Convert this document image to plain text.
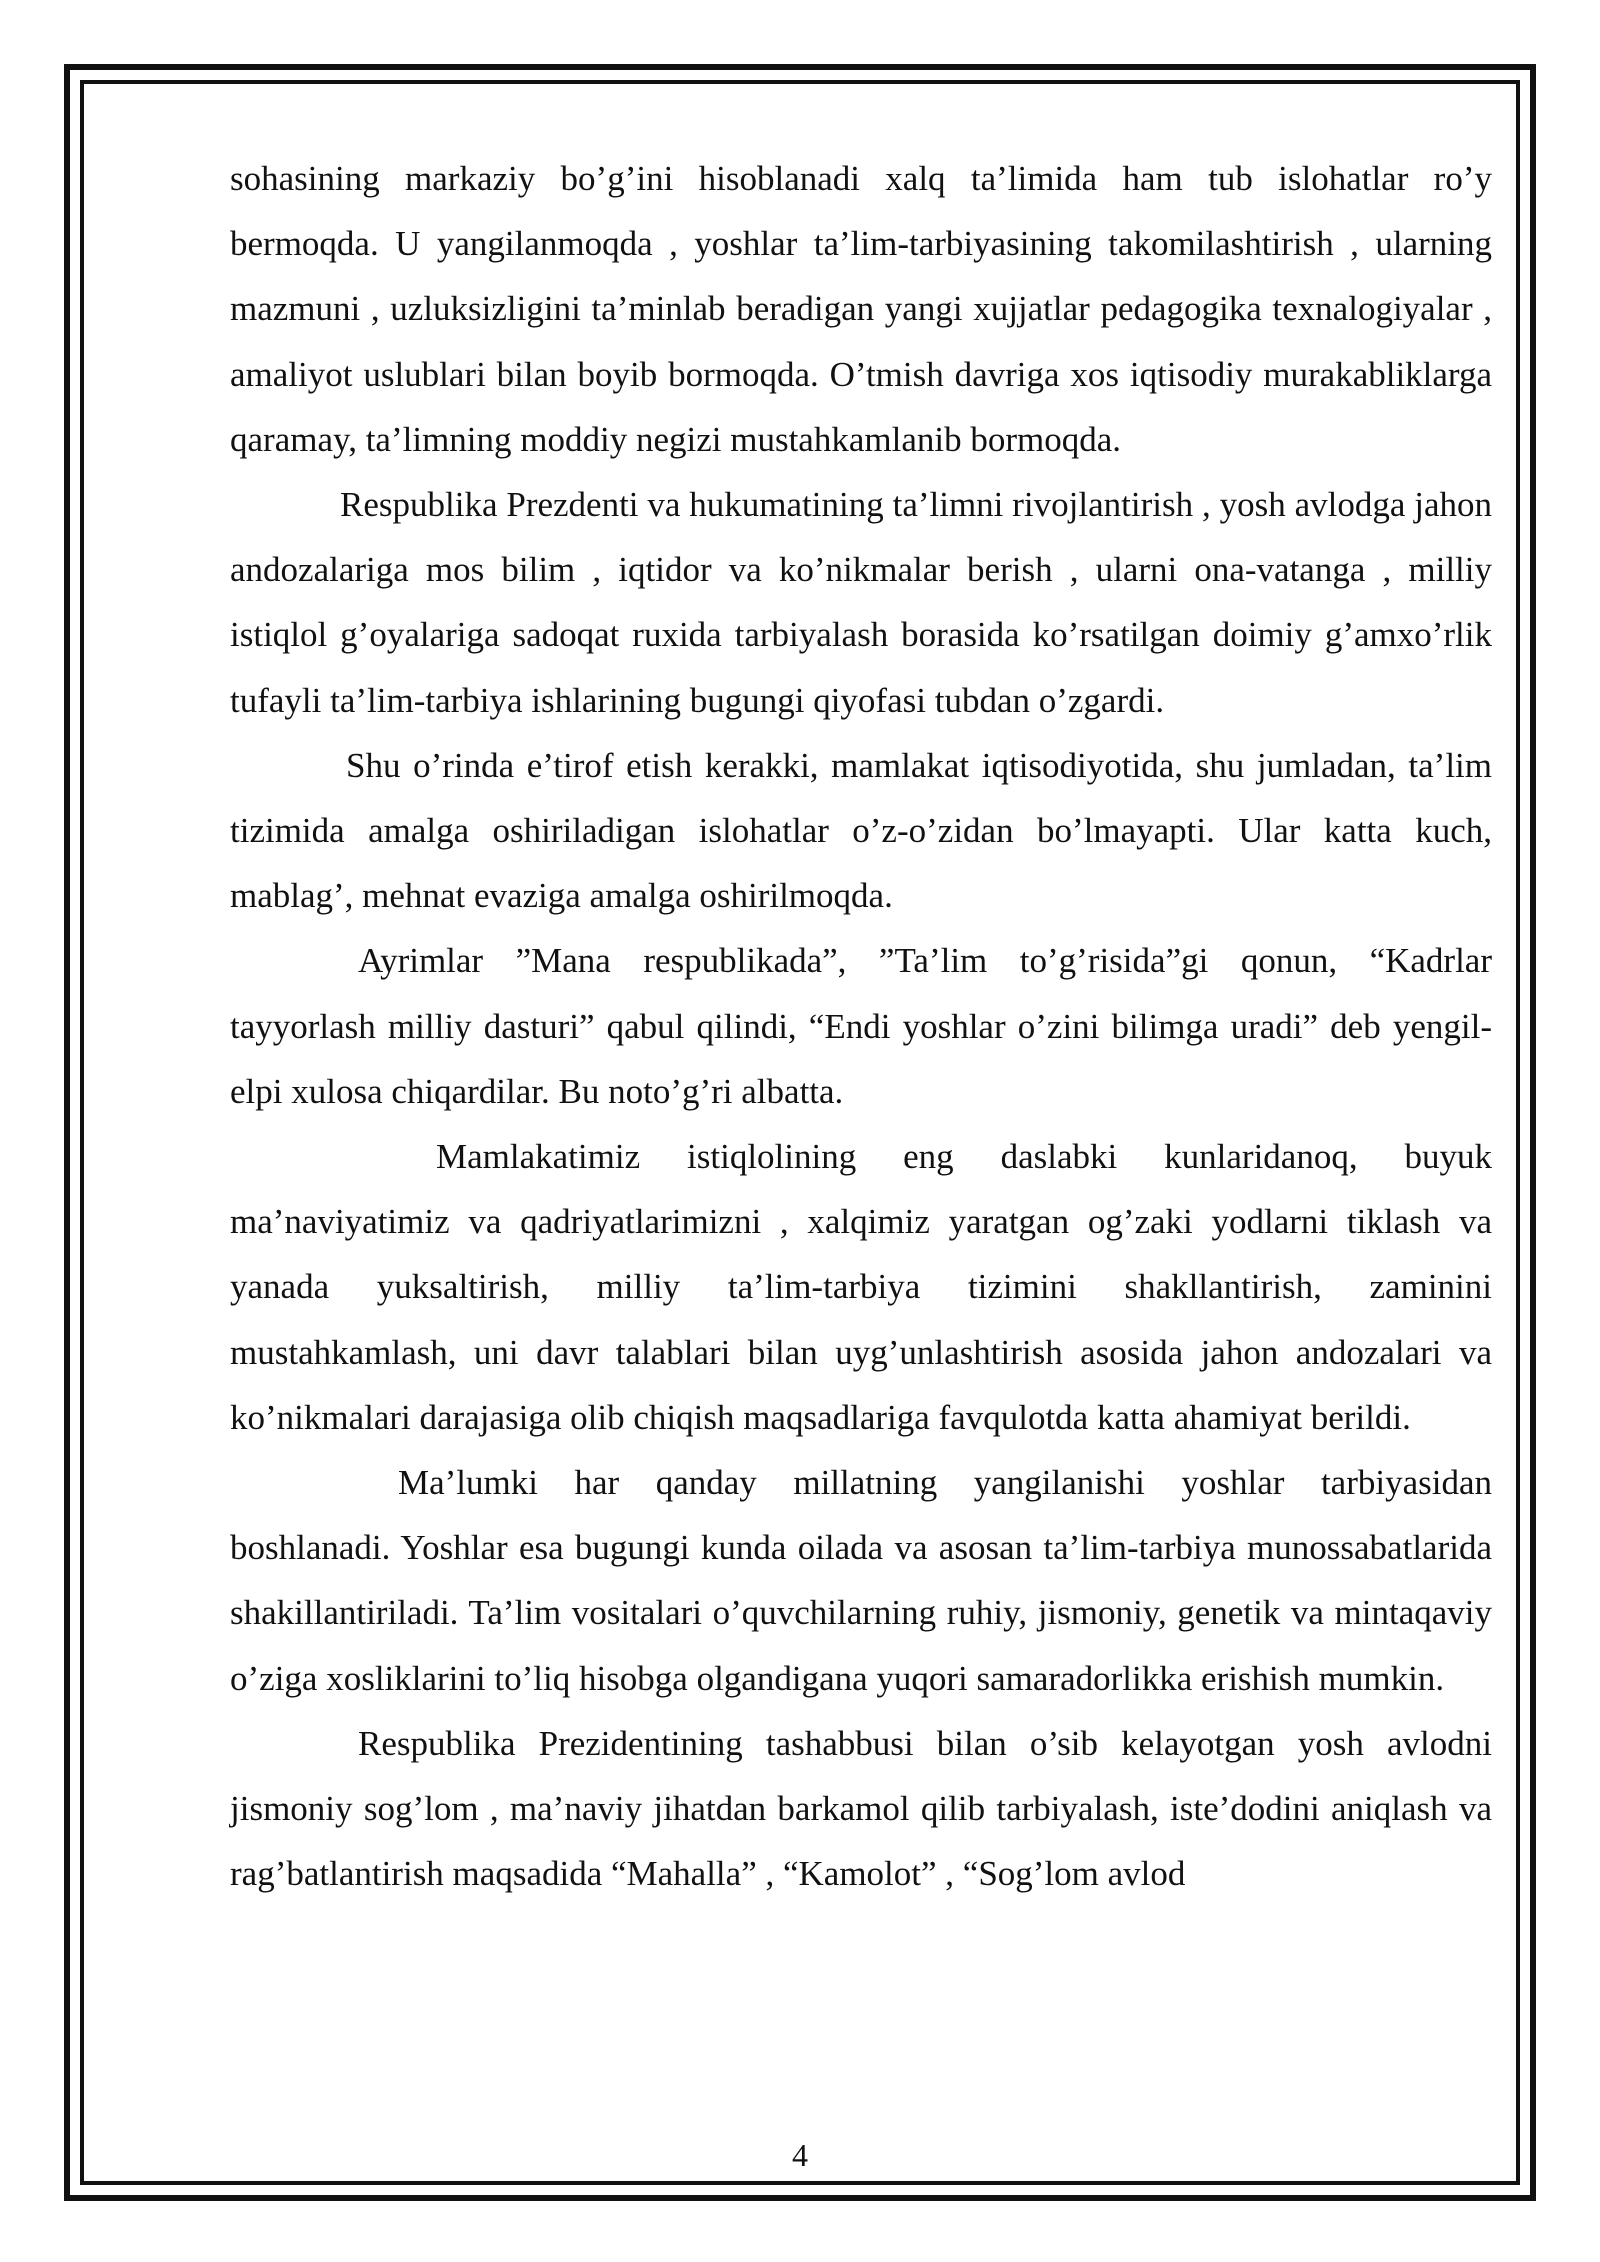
sohasining markaziy bo’g’ini hisoblanadi xalq ta’limida ham tub islohatlar ro’y bermoqda. U yangilanmoqda , yoshlar ta’lim-tarbiyasining takomilashtirish , ularning mazmuni , uzluksizligini ta’minlab beradigan yangi xujjatlar pedagogika texnalogiyalar , amaliyot uslublari bilan boyib bormoqda. O’tmish davriga xos iqtisodiy murakabliklarga qaramay, ta’limning moddiy negizi mustahkamlanib bormoqda.

Respublika Prezdenti va hukumatining ta’limni rivojlantirish , yosh avlodga jahon andozalariga mos bilim , iqtidor va ko’nikmalar berish , ularni ona-vatanga , milliy istiqlol g’oyalariga sadoqat ruxida tarbiyalash borasida ko’rsatilgan doimiy g’amxo’rlik tufayli ta’lim-tarbiya ishlarining bugungi qiyofasi tubdan o’zgardi.

Shu o’rinda e’tirof etish kerakki, mamlakat iqtisodiyotida, shu jumladan, ta’lim tizimida amalga oshiriladigan islohatlar o’z-o’zidan bo’lmayapti. Ular katta kuch, mablag’, mehnat evaziga amalga oshirilmoqda.

Ayrimlar ”Mana respublikada”, ”Ta’lim to’g’risida”gi qonun, “Kadrlar tayyorlash milliy dasturi” qabul qilindi, “Endi yoshlar o’zini bilimga uradi” deb yengil-elpi xulosa chiqardilar. Bu noto’g’ri albatta.

Mamlakatimiz istiqlolining eng daslabki kunlaridanoq, buyuk ma’naviyatimiz va qadriyatlarimizni , xalqimiz yaratgan og’zaki yodlarni tiklash va yanada yuksaltirish, milliy ta’lim-tarbiya tizimini shakllantirish, zaminini mustahkamlash, uni davr talablari bilan uyg’unlashtirish asosida jahon andozalari va ko’nikmalari darajasiga olib chiqish maqsadlariga favqulotda katta ahamiyat berildi.

Ma’lumki har qanday millatning yangilanishi yoshlar tarbiyasidan boshlanadi. Yoshlar esa bugungi kunda oilada va asosan ta’lim-tarbiya munossabatlarida shakillantiriladi. Ta’lim vositalari o’quvchilarning ruhiy, jismoniy, genetik va mintaqaviy o’ziga xosliklarini to’liq hisobga olgandigana yuqori samaradorlikka erishish mumkin.

Respublika Prezidentining tashabbusi bilan o’sib kelayotgan yosh avlodni jismoniy sog’lom , ma’naviy jihatdan barkamol qilib tarbiyalash, iste’dodini aniqlash va rag’batlantirish maqsadida “Mahalla” , “Kamolot” , “Sog’lom avlod

4
